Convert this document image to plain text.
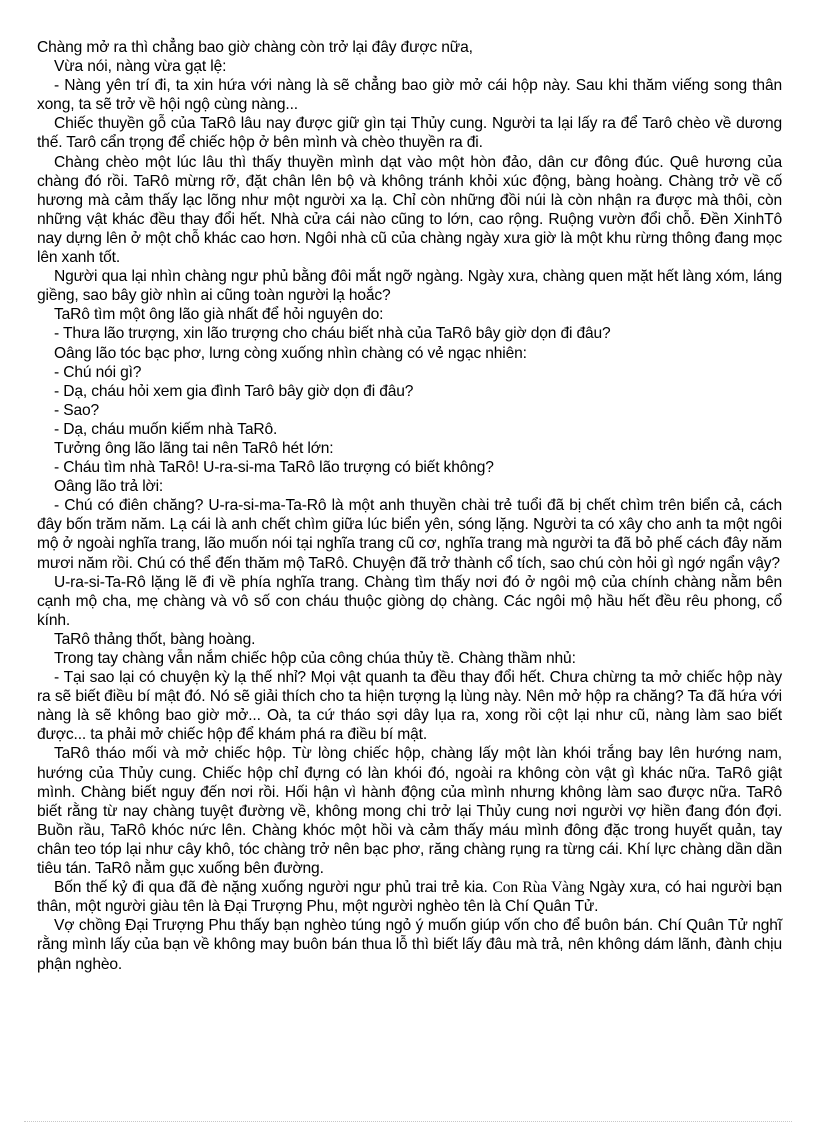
Chàng mở ra thì chẳng bao giờ chàng còn trở lại đây được nữa,

Vừa nói, nàng vừa gạt lệ:

- Nàng yên trí đi, ta xin hứa với nàng là sẽ chẳng bao giờ mở cái hộp này. Sau khi thăm viếng song thân xong, ta sẽ trở về hội ngộ cùng nàng...

Chiếc thuyền gỗ của TaRô lâu nay được giữ gìn tại Thủy cung. Người ta lại lấy ra để Tarô chèo về dương thế. Tarô cẩn trọng để chiếc hộp ở bên mình và chèo thuyền ra đi.

Chàng chèo một lúc lâu thì thấy thuyền mình dạt vào một hòn đảo, dân cư đông đúc. Quê hương của chàng đó rồi. TaRô mừng rỡ, đặt chân lên bộ và không tránh khỏi xúc động, bàng hoàng. Chàng trở về cố hương mà cảm thấy lạc lõng như một người xa lạ. Chỉ còn những đồi núi là còn nhận ra được mà thôi, còn những vật khác đều thay đổi hết. Nhà cửa cái nào cũng to lớn, cao rộng. Ruộng vườn đổi chỗ. Đền XinhTô nay dựng lên ở một chỗ khác cao hơn. Ngôi nhà cũ của chàng ngày xưa giờ là một khu rừng thông đang mọc lên xanh tốt.

Người qua lại nhìn chàng ngư phủ bằng đôi mắt ngỡ ngàng. Ngày xưa, chàng quen mặt hết làng xóm, láng giềng, sao bây giờ nhìn ai cũng toàn người lạ hoắc?

TaRô tìm một ông lão già nhất để hỏi nguyên do:

- Thưa lão trượng, xin lão trượng cho cháu biết nhà của TaRô bây giờ dọn đi đâu?

Oâng lão tóc bạc phơ, lưng còng xuống nhìn chàng có vẻ ngạc nhiên:

- Chú nói gì?

- Dạ, cháu hỏi xem gia đình Tarô bây giờ dọn đi đâu?

- Sao?

- Dạ, cháu muốn kiếm nhà TaRô.

Tưởng ông lão lãng tai nên TaRô hét lớn:

- Cháu tìm nhà TaRô! U-ra-si-ma TaRô lão trượng có biết không?

Oâng lão trả lời:

- Chú có điên chăng? U-ra-si-ma-Ta-Rô là một anh thuyền chài trẻ tuổi đã bị chết chìm trên biển cả, cách đây bốn trăm năm. Lạ cái là anh chết chìm giữa lúc biển yên, sóng lặng. Người ta có xây cho anh ta một ngôi mộ ở ngoài nghĩa trang, lão muốn nói tại nghĩa trang cũ cơ, nghĩa trang mà người ta đã bỏ phế cách đây năm mươi năm rồi. Chú có thể đến thăm mộ TaRô. Chuyện đã trở thành cổ tích, sao chú còn hỏi gì ngớ ngẩn vậy?

U-ra-si-Ta-Rô lặng lẽ đi về phía nghĩa trang. Chàng tìm thấy nơi đó ở ngôi mộ của chính chàng nằm bên cạnh mộ cha, mẹ chàng và vô số con cháu thuộc giòng dọ chàng. Các ngôi mộ hầu hết đều rêu phong, cổ kính.

TaRô thảng thốt, bàng hoàng.

Trong tay chàng vẫn nắm chiếc hộp của công chúa thủy tề. Chàng thầm nhủ:

- Tại sao lại có chuyện kỳ lạ thế nhỉ? Mọi vật quanh ta đều thay đổi hết. Chưa chừng ta mở chiếc hộp này ra sẽ biết điều bí mật đó. Nó sẽ giải thích cho ta hiện tượng lạ lùng này. Nên mở hộp ra chăng? Ta đã hứa với nàng là sẽ không bao giờ mở... Oà, ta cứ tháo sợi dây lụa ra, xong rồi cột lại như cũ, nàng làm sao biết được... ta phải mở chiếc hộp để khám phá ra điều bí mật.

TaRô tháo mối và mở chiếc hộp. Từ lòng chiếc hộp, chàng lấy một làn khói trắng bay lên hướng nam, hướng của Thủy cung. Chiếc hộp chỉ đựng có làn khói đó, ngoài ra không còn vật gì khác nữa. TaRô giật mình. Chàng biết nguy đến nơi rồi. Hối hận vì hành động của mình nhưng không làm sao được nữa. TaRô biết rằng từ nay chàng tuyệt đường về, không mong chi trở lại Thủy cung nơi người vợ hiền đang đón đợi. Buồn rầu, TaRô khóc nức lên. Chàng khóc một hồi và cảm thấy máu mình đông đặc trong huyết quản, tay chân teo tóp lại như cây khô, tóc chàng trở nên bạc phơ, răng chàng rụng ra từng cái. Khí lực chàng dần dần tiêu tán. TaRô nằm gục xuống bên đường.

Bốn thế kỷ đi qua đã đè nặng xuống người ngư phủ trai trẻ kia. Con Rùa Vàng Ngày xưa, có hai người bạn thân, một người giàu tên là Đại Trượng Phu, một người nghèo tên là Chí Quân Tử.

Vợ chồng Đại Trượng Phu thấy bạn nghèo túng ngỏ ý muốn giúp vốn cho để buôn bán. Chí Quân Tử nghĩ rằng mình lấy của bạn về không may buôn bán thua lỗ thì biết lấy đâu mà trả, nên không dám lãnh, đành chịu phận nghèo.
